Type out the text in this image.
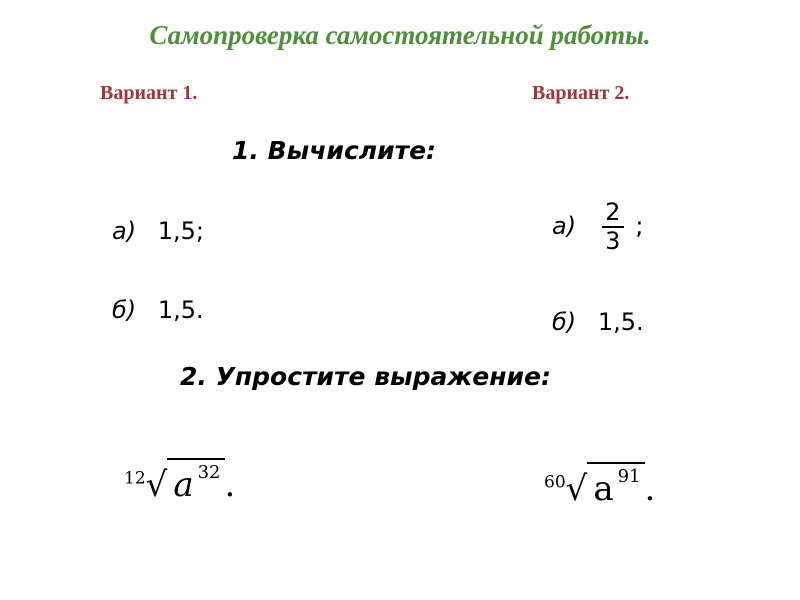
Самопроверка самостоятельной работы.
Вариант 1.	Вариант 2.
1. Вычислите:
а) 1,5;
б) 1,5.
$а) \frac{2}{3}$ ;
б) 1,5.
2. Упростите выражение:
$^{12}$√ a $^{32}$ .	$^{60}$√ a $^{91}$ .
